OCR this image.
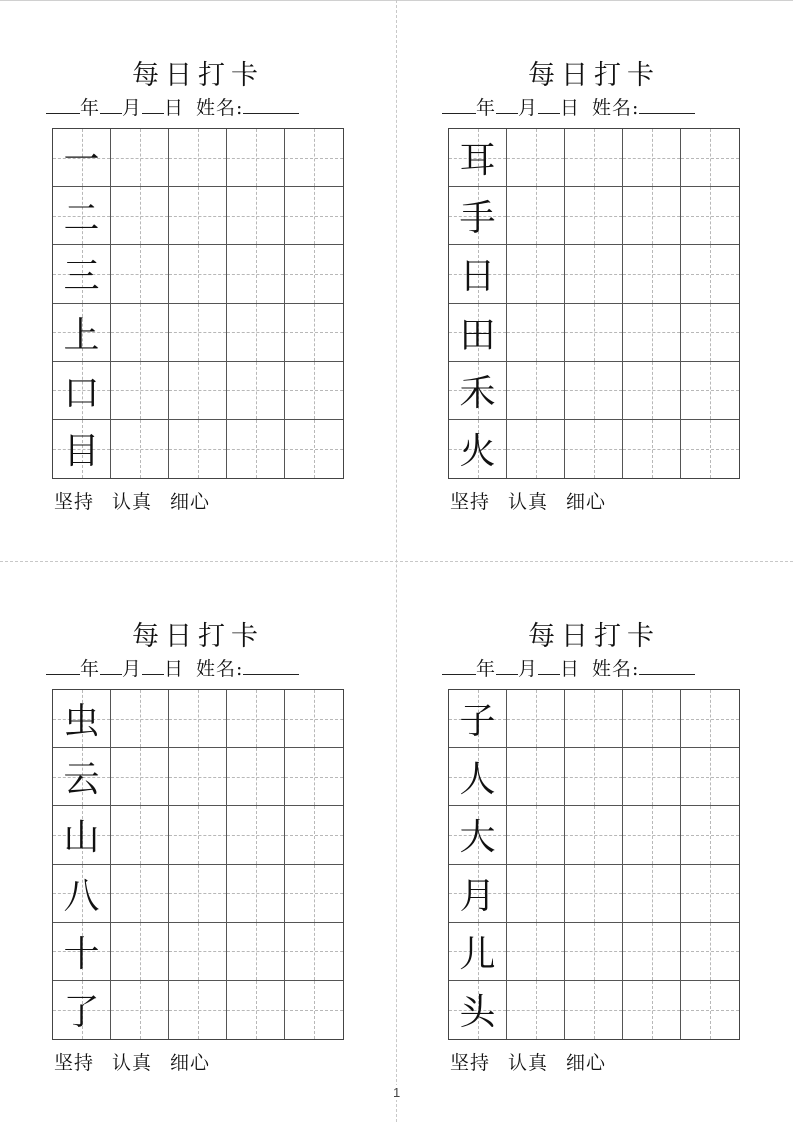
每日打卡
年 月 日 姓名:
一
二
三
上
口
目
坚持 认真 细心
每日打卡
年 月 日 姓名:
耳
手
日
田
禾
火
坚持 认真 细心
每日打卡
年 月 日 姓名:
虫
云
山
八
十
了
坚持 认真 细心
每日打卡
年 月 日 姓名:
子
人
大
月
儿
头
坚持 认真 细心
1
